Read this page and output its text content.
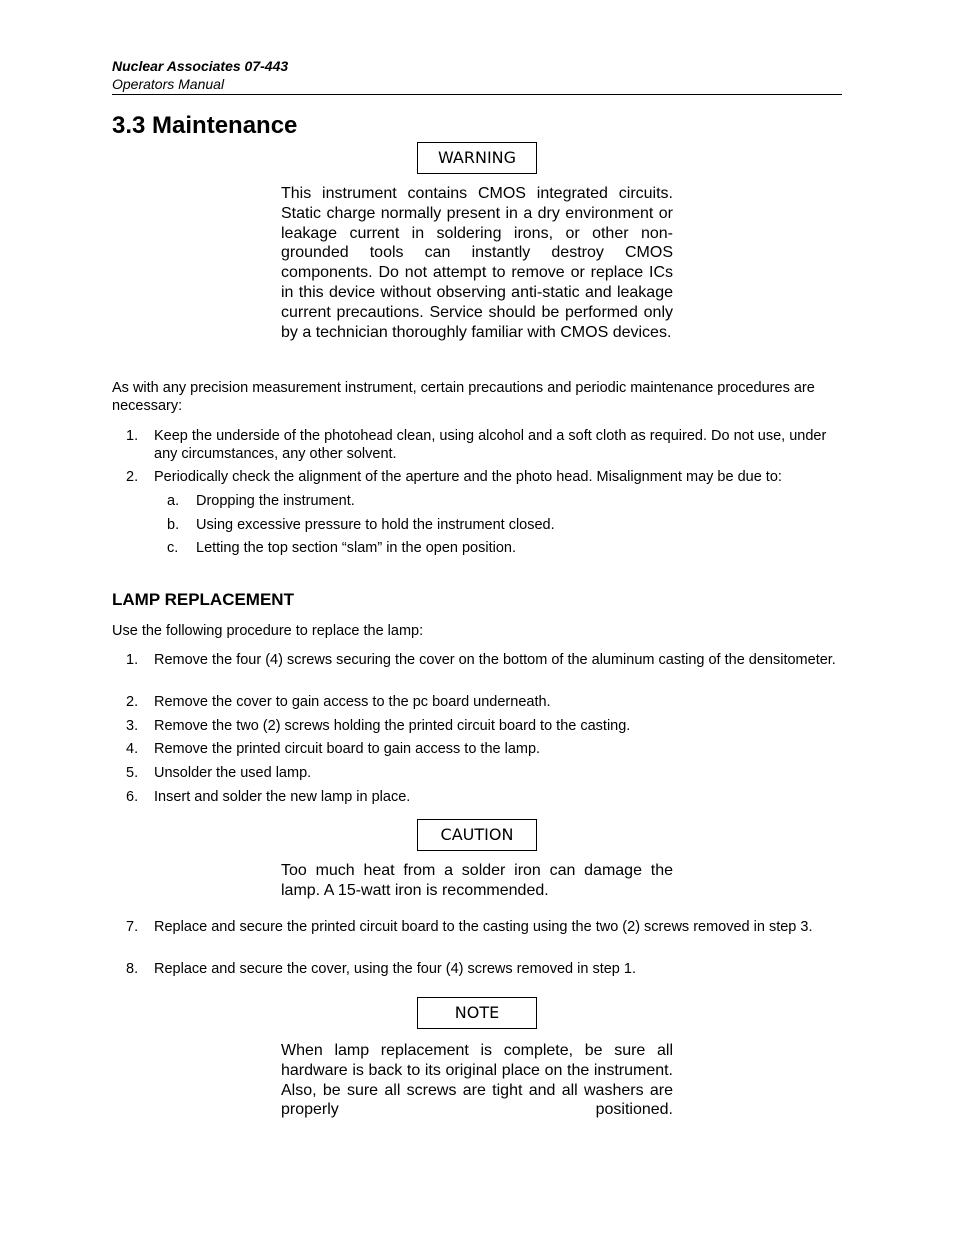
Nuclear Associates 07-443
Operators Manual
3.3 Maintenance
WARNING

This instrument contains CMOS integrated circuits. Static charge normally present in a dry environment or leakage current in soldering irons, or other non-grounded tools can instantly destroy CMOS components. Do not attempt to remove or replace ICs in this device without observing anti-static and leakage current precautions. Service should be performed only by a technician thoroughly familiar with CMOS devices.

As with any precision measurement instrument, certain precautions and periodic maintenance procedures are necessary:

1. Keep the underside of the photohead clean, using alcohol and a soft cloth as required. Do not use, under any circumstances, any other solvent.
2. Periodically check the alignment of the aperture and the photo head. Misalignment may be due to:
a. Dropping the instrument.
b. Using excessive pressure to hold the instrument closed.
c. Letting the top section “slam” in the open position.
LAMP REPLACEMENT

Use the following procedure to replace the lamp:

1. Remove the four (4) screws securing the cover on the bottom of the aluminum casting of the densitometer.
2. Remove the cover to gain access to the pc board underneath.
3. Remove the two (2) screws holding the printed circuit board to the casting.
4. Remove the printed circuit board to gain access to the lamp.
5. Unsolder the used lamp.
6. Insert and solder the new lamp in place.
CAUTION

Too much heat from a solder iron can damage the lamp. A 15-watt iron is recommended.

7. Replace and secure the printed circuit board to the casting using the two (2) screws removed in step 3.
8. Replace and secure the cover, using the four (4) screws removed in step 1.
NOTE

When lamp replacement is complete, be sure all hardware is back to its original place on the instrument. Also, be sure all screws are tight and all washers are properly positioned.
